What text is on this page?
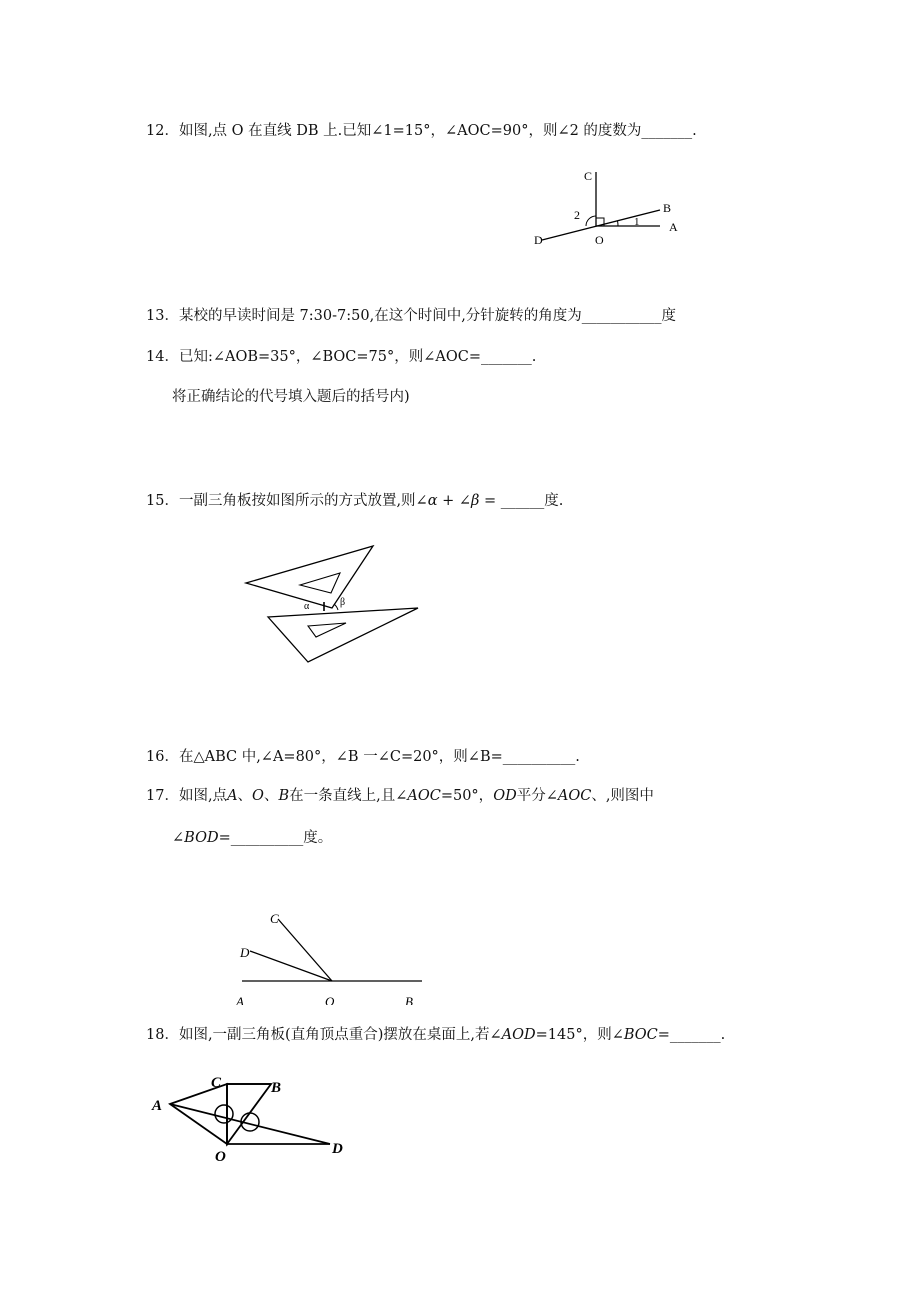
12．如图,点 O 在直线 DB 上.已知∠1=15°，∠AOC=90°，则∠2 的度数为_______.
C
B
A
D	O
2	1
13．某校的早读时间是 7:30-7:50,在这个时间中,分针旋转的角度为___________度
14．已知:∠AOB=35°，∠BOC=75°，则∠AOC=_______.
将正确结论的代号填入题后的括号内)
15．一副三角板按如图所示的方式放置,则∠α + ∠β = ______度.
α	β
16．在△ABC 中,∠A=80°，∠B 一∠C=20°，则∠B=__________.
17．如图,点A、O、B在一条直线上,且∠AOC=50°，OD平分∠AOC、,则图中
∠BOD=__________度。
C
D
A	O	B
18．如图,一副三角板(直角顶点重合)摆放在桌面上,若∠AOD=145°，则∠BOC=_______.
A
C	B
O	D
